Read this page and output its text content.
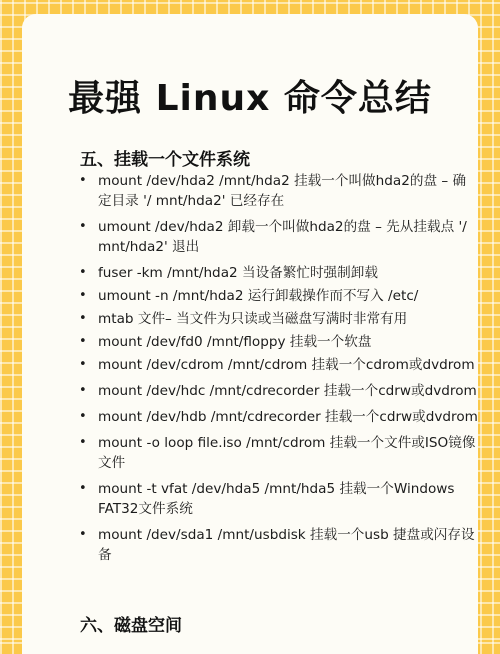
最强 Linux 命令总结
五、挂载一个文件系统
• mount /dev/hda2 /mnt/hda2 挂载一个叫做hda2的盘 – 确定目录 '/ mnt/hda2' 已经存在
• umount /dev/hda2 卸载一个叫做hda2的盘 – 先从挂载点 '/ mnt/hda2' 退出
• fuser -km /mnt/hda2 当设备繁忙时强制卸载
• umount -n /mnt/hda2 运行卸载操作而不写入 /etc/
• mtab 文件– 当文件为只读或当磁盘写满时非常有用
• mount /dev/fd0 /mnt/floppy 挂载一个软盘
• mount /dev/cdrom /mnt/cdrom 挂载一个cdrom或dvdrom
• mount /dev/hdc /mnt/cdrecorder 挂载一个cdrw或dvdrom
• mount /dev/hdb /mnt/cdrecorder 挂载一个cdrw或dvdrom
• mount -o loop file.iso /mnt/cdrom 挂载一个文件或ISO镜像文件
• mount -t vfat /dev/hda5 /mnt/hda5 挂载一个Windows FAT32文件系统
• mount /dev/sda1 /mnt/usbdisk 挂载一个usb 捷盘或闪存设备
六、磁盘空间
